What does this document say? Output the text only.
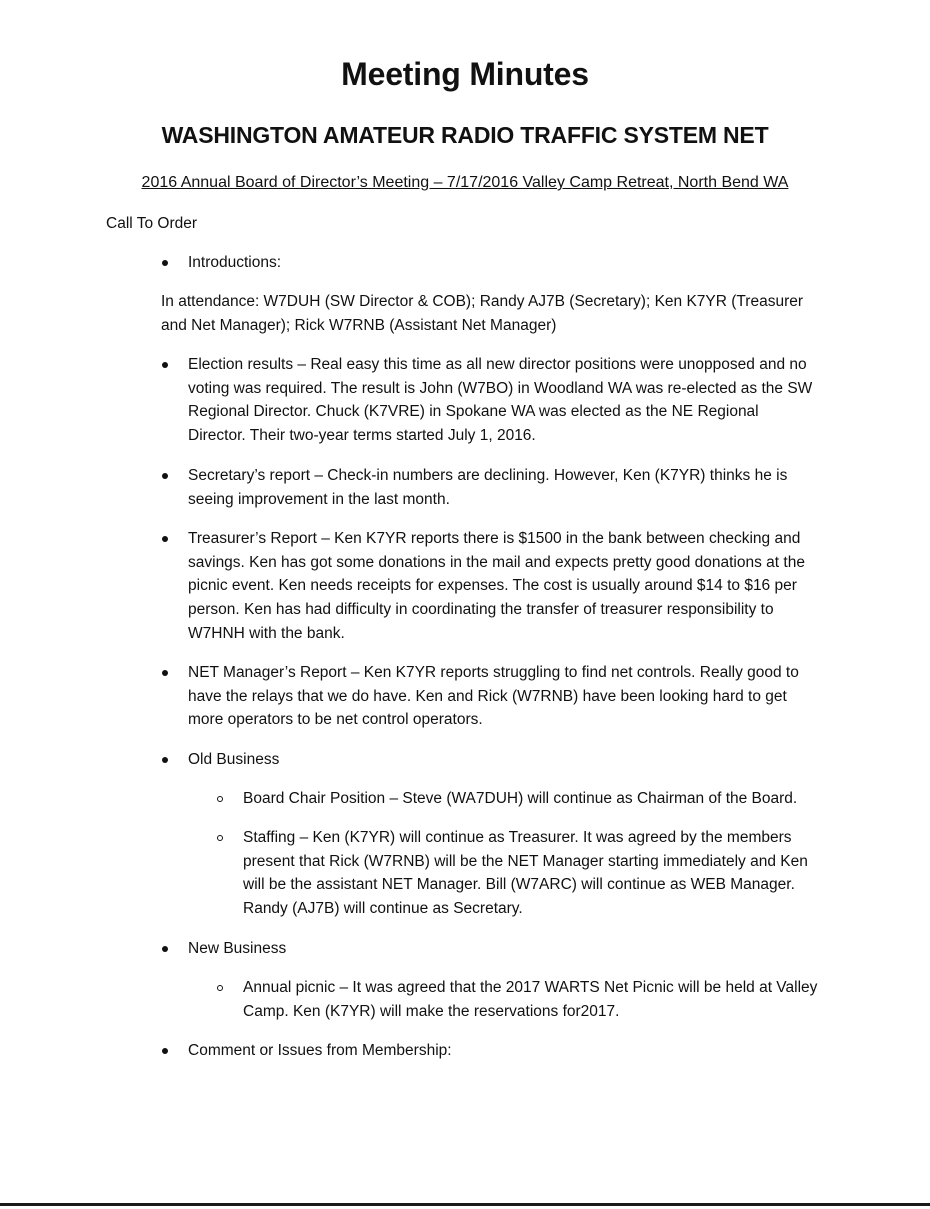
Meeting Minutes
WASHINGTON AMATEUR RADIO TRAFFIC SYSTEM NET

2016 Annual Board of Director’s Meeting – 7/17/2016 Valley Camp Retreat, North Bend WA

Call To Order

Introductions:

In attendance: W7DUH (SW Director & COB); Randy AJ7B (Secretary); Ken K7YR (Treasurer and Net Manager); Rick W7RNB (Assistant Net Manager)

Election results – Real easy this time as all new director positions were unopposed and no voting was required. The result is John (W7BO) in Woodland WA was re-elected as the SW Regional Director. Chuck (K7VRE) in Spokane WA was elected as the NE Regional Director. Their two-year terms started July 1, 2016.

Secretary’s report – Check-in numbers are declining. However, Ken (K7YR) thinks he is seeing improvement in the last month.

Treasurer’s Report – Ken K7YR reports there is $1500 in the bank between checking and savings. Ken has got some donations in the mail and expects pretty good donations at the picnic event. Ken needs receipts for expenses. The cost is usually around $14 to $16 per person. Ken has had difficulty in coordinating the transfer of treasurer responsibility to W7HNH with the bank.

NET Manager’s Report – Ken K7YR reports struggling to find net controls. Really good to have the relays that we do have. Ken and Rick (W7RNB) have been looking hard to get more operators to be net control operators.

Old Business

Board Chair Position – Steve (WA7DUH) will continue as Chairman of the Board.

Staffing – Ken (K7YR) will continue as Treasurer. It was agreed by the members present that Rick (W7RNB) will be the NET Manager starting immediately and Ken will be the assistant NET Manager. Bill (W7ARC) will continue as WEB Manager. Randy (AJ7B) will continue as Secretary.

New Business

Annual picnic – It was agreed that the 2017 WARTS Net Picnic will be held at Valley Camp. Ken (K7YR) will make the reservations for2017.

Comment or Issues from Membership:
